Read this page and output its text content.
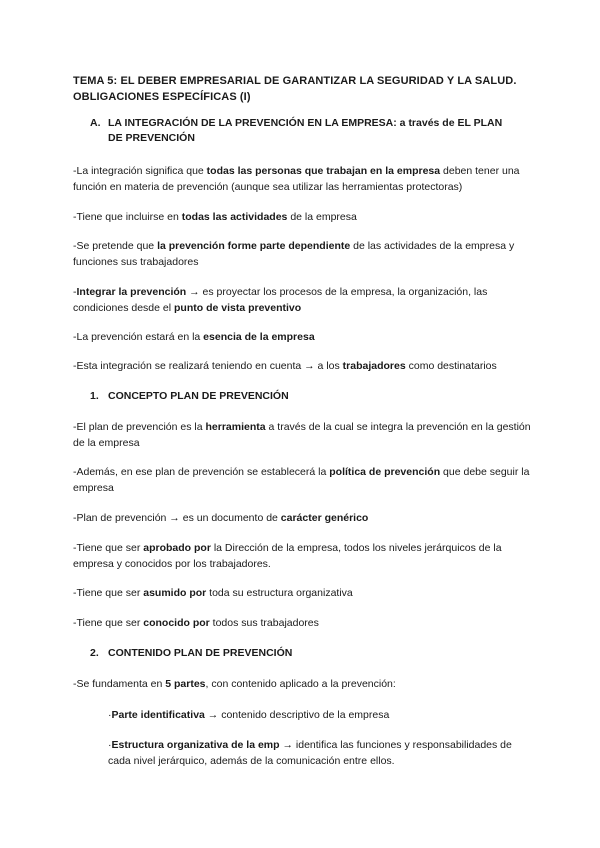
TEMA 5: EL DEBER EMPRESARIAL DE GARANTIZAR LA SEGURIDAD Y LA SALUD.
OBLIGACIONES ESPECÍFICAS (I)
A. LA INTEGRACIÓN DE LA PREVENCIÓN EN LA EMPRESA: a través de EL PLAN
DE PREVENCIÓN
-La integración significa que todas las personas que trabajan en la empresa deben tener una función en materia de prevención (aunque sea utilizar las herramientas protectoras)
-Tiene que incluirse en todas las actividades de la empresa
-Se pretende que la prevención forme parte dependiente de las actividades de la empresa y funciones sus trabajadores
-Integrar la prevención → es proyectar los procesos de la empresa, la organización, las condiciones desde el punto de vista preventivo
-La prevención estará en la esencia de la empresa
-Esta integración se realizará teniendo en cuenta → a los trabajadores como destinatarios
1. CONCEPTO PLAN DE PREVENCIÓN
-El plan de prevención es la herramienta a través de la cual se integra la prevención en la gestión de la empresa
-Además, en ese plan de prevención se establecerá la política de prevención que debe seguir la empresa
-Plan de prevención → es un documento de carácter genérico
-Tiene que ser aprobado por la Dirección de la empresa, todos los niveles jerárquicos de la empresa y conocidos por los trabajadores.
-Tiene que ser asumido por toda su estructura organizativa
-Tiene que ser conocido por todos sus trabajadores
2. CONTENIDO PLAN DE PREVENCIÓN
-Se fundamenta en 5 partes, con contenido aplicado a la prevención:
·Parte identificativa → contenido descriptivo de la empresa
·Estructura organizativa de la emp → identifica las funciones y responsabilidades de cada nivel jerárquico, además de la comunicación entre ellos.
